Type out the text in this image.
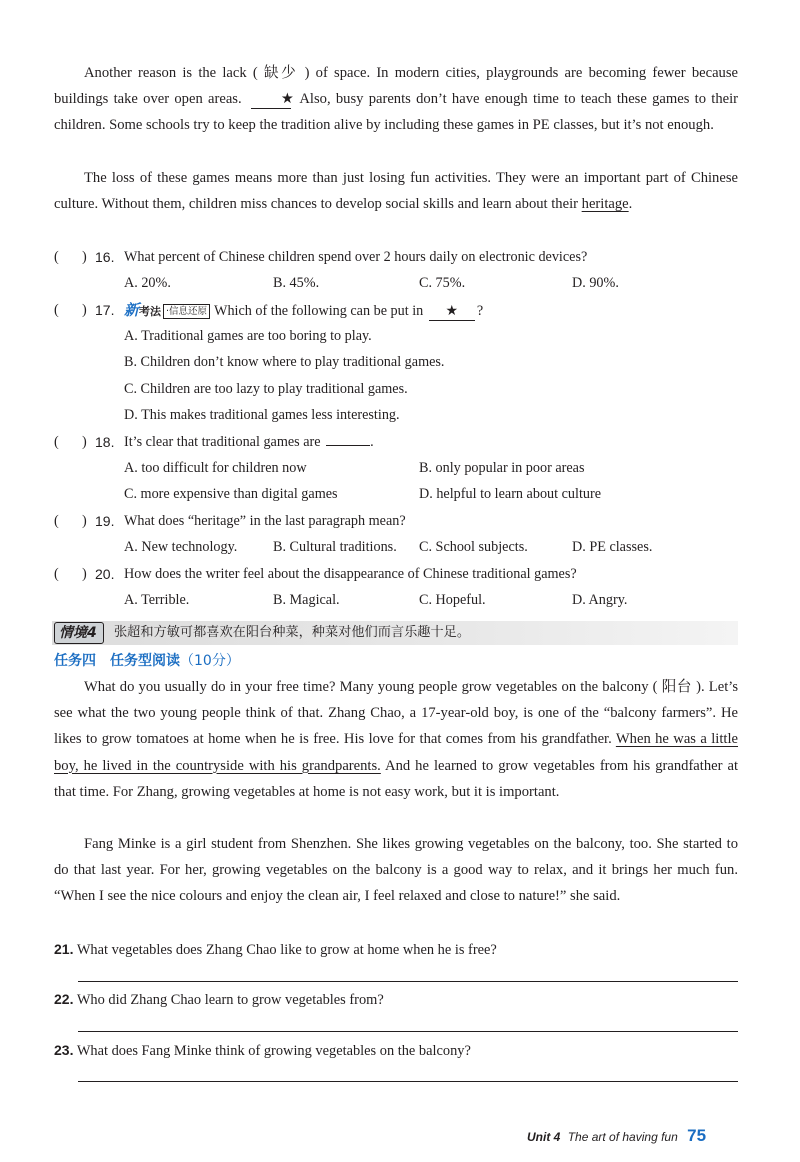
Another reason is the lack ( 缺少 ) of space. In modern cities, playgrounds are becoming fewer because buildings take over open areas.	★ Also, busy parents don’t have enough time to teach these games to their children. Some schools try to keep the tradition alive by including these games in PE classes, but it’s not enough.

The loss of these games means more than just losing fun activities. They were an important part of Chinese culture. Without them, children miss chances to develop social skills and learn about their heritage.

( ) 16. What percent of Chinese children spend over 2 hours daily on electronic devices?
A. 20%.	B. 45%.	C. 75%.	D. 90%.
( ) 17. 新考法 ·信息还原 Which of the following can be put in ★ ?
A. Traditional games are too boring to play.
B. Children don’t know where to play traditional games.
C. Children are too lazy to play traditional games.
D. This makes traditional games less interesting.
( ) 18. It’s clear that traditional games are	.
A. too difficult for children now	B. only popular in poor areas
C. more expensive than digital games	D. helpful to learn about culture
( ) 19. What does “heritage” in the last paragraph mean?
A. New technology.	B. Cultural traditions. C. School subjects.	D. PE classes.
( ) 20. How does the writer feel about the disappearance of Chinese traditional games?
A. Terrible.	B. Magical.	C. Hopeful.	D. Angry.
情境4	张超和方敏可都喜欢在阳台种菜，种菜对他们而言乐趣十足。
任务四　任务型阅读（10分）

What do you usually do in your free time? Many young people grow vegetables on the balcony ( 阳台 ). Let’s see what the two young people think of that. Zhang Chao, a 17-year-old boy, is one of the “balcony farmers”. He likes to grow tomatoes at home when he is free. His love for that comes from his grandfather. When he was a little boy, he lived in the countryside with his grandparents. And he learned to grow vegetables from his grandfather at that time. For Zhang, growing vegetables at home is not easy work, but it is important.

Fang Minke is a girl student from Shenzhen. She likes growing vegetables on the balcony, too. She started to do that last year. For her, growing vegetables on the balcony is a good way to relax, and it brings her much fun. “When I see the nice colours and enjoy the clean air, I feel relaxed and close to nature!” she said.

21. What vegetables does Zhang Chao like to grow at home when he is free?
22. Who did Zhang Chao learn to grow vegetables from?
23. What does Fang Minke think of growing vegetables on the balcony?
Unit 4 The art of having fun 75
